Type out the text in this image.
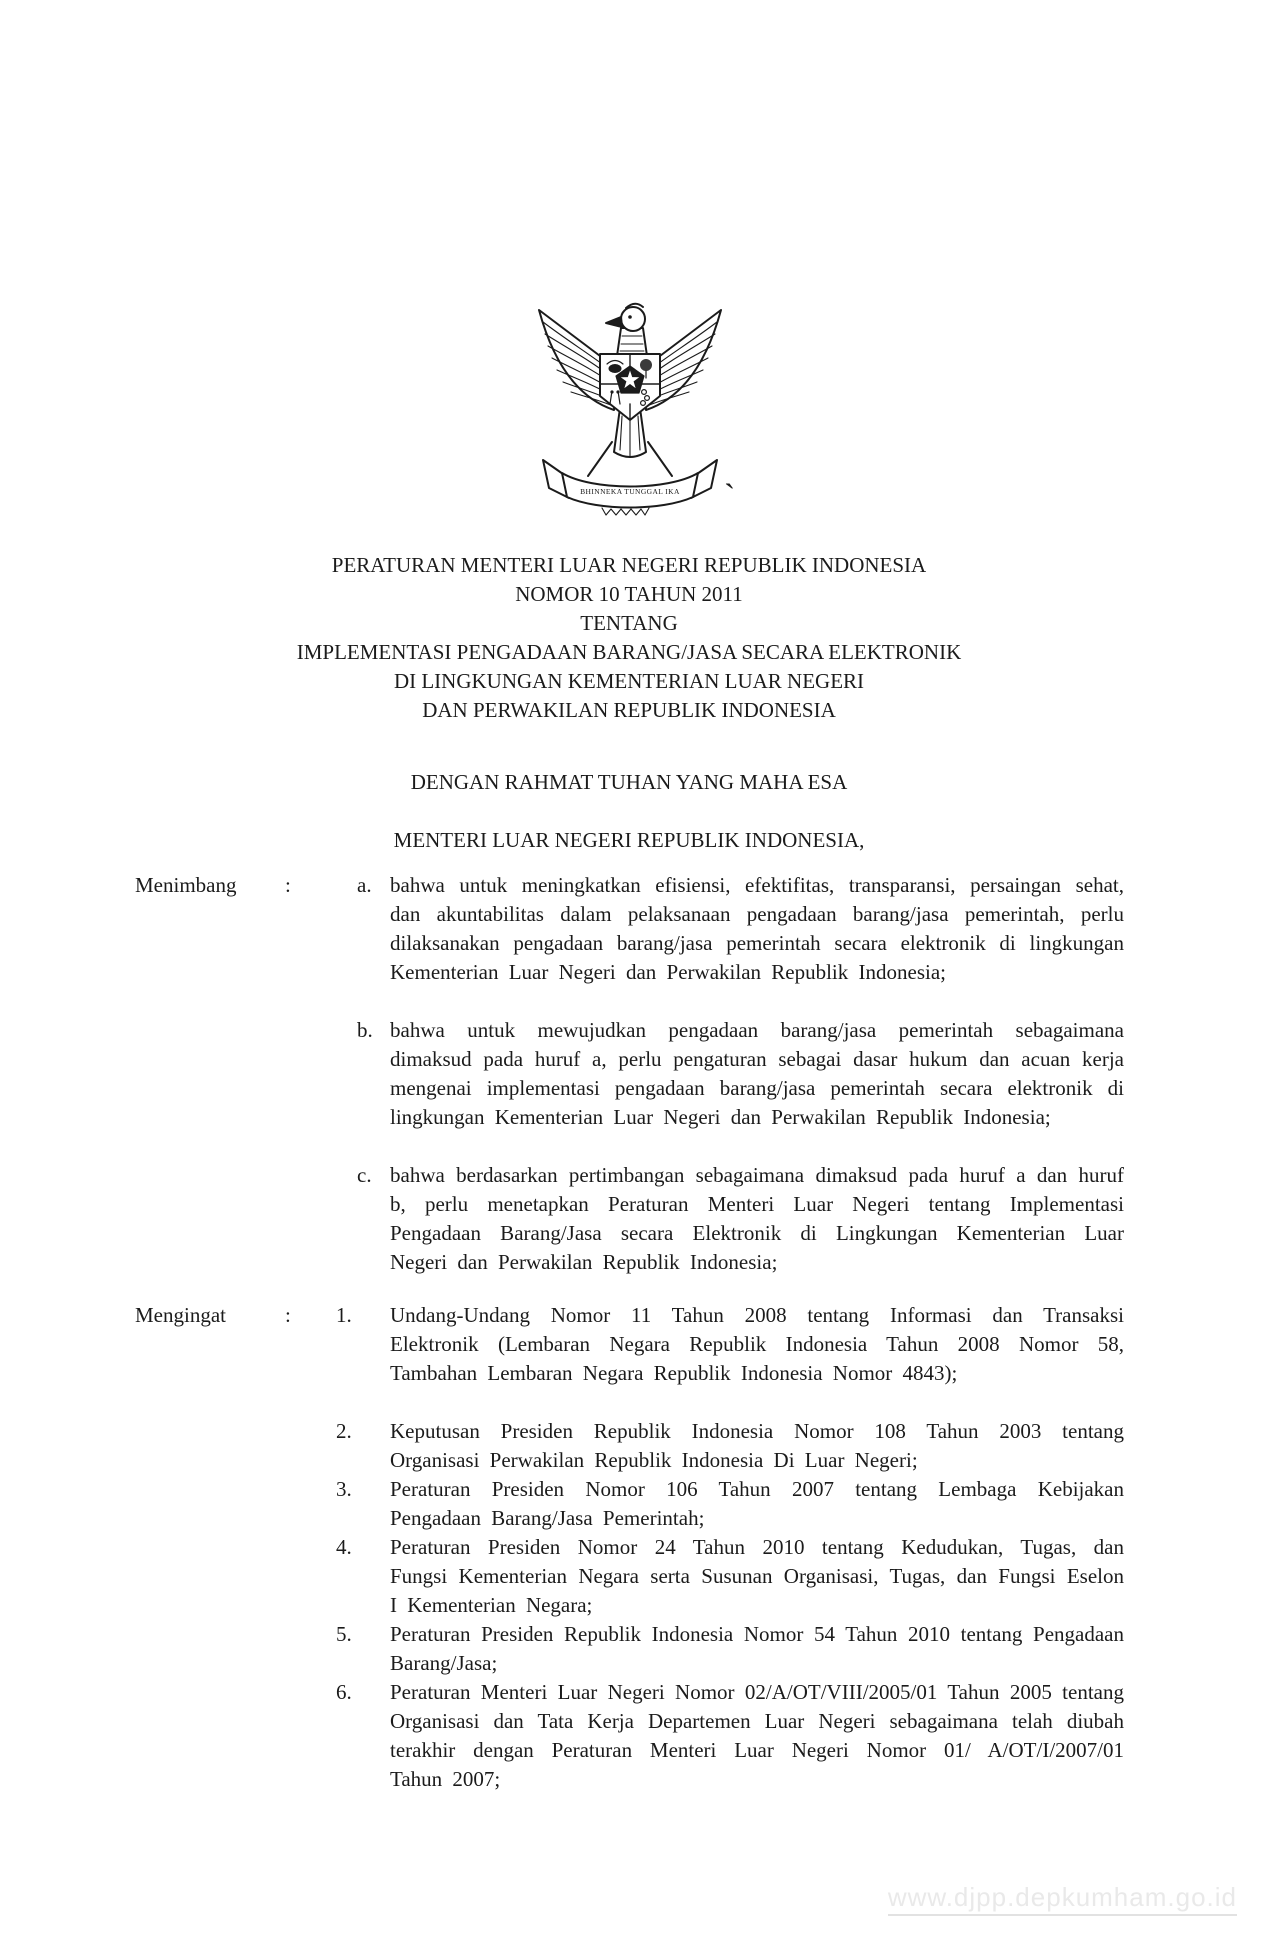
BHINNEKA TUNGGAL IKA `
PERATURAN MENTERI LUAR NEGERI REPUBLIK INDONESIA
NOMOR 10 TAHUN 2011
TENTANG
IMPLEMENTASI PENGADAAN BARANG/JASA SECARA ELEKTRONIK
DI LINGKUNGAN KEMENTERIAN LUAR NEGERI
DAN PERWAKILAN REPUBLIK INDONESIA
DENGAN RAHMAT TUHAN YANG MAHA ESA
MENTERI LUAR NEGERI REPUBLIK INDONESIA,
Menimbang :	a. bahwa untuk meningkatkan efisiensi, efektifitas, transparansi, persaingan sehat, dan akuntabilitas dalam pelaksanaan pengadaan barang/jasa pemerintah, perlu dilaksanakan pengadaan barang/jasa pemerintah secara elektronik di lingkungan Kementerian Luar Negeri dan Perwakilan Republik Indonesia;
b. bahwa untuk mewujudkan pengadaan barang/jasa pemerintah sebagaimana dimaksud pada huruf a, perlu pengaturan sebagai dasar hukum dan acuan kerja mengenai implementasi pengadaan barang/jasa pemerintah secara elektronik di lingkungan Kementerian Luar Negeri dan Perwakilan Republik Indonesia;
c. bahwa berdasarkan pertimbangan sebagaimana dimaksud pada huruf a dan huruf b, perlu menetapkan Peraturan Menteri Luar Negeri tentang Implementasi Pengadaan Barang/Jasa secara Elektronik di Lingkungan Kementerian Luar Negeri dan Perwakilan Republik Indonesia;
Mengingat	: 1. Undang-Undang Nomor 11 Tahun 2008 tentang Informasi dan Transaksi Elektronik (Lembaran Negara Republik Indonesia Tahun 2008 Nomor 58, Tambahan Lembaran Negara Republik Indonesia Nomor 4843);
2. Keputusan Presiden Republik Indonesia Nomor 108 Tahun 2003 tentang Organisasi Perwakilan Republik Indonesia Di Luar Negeri;
3. Peraturan Presiden Nomor 106 Tahun 2007 tentang Lembaga Kebijakan Pengadaan Barang/Jasa Pemerintah;
4. Peraturan Presiden Nomor 24 Tahun 2010 tentang Kedudukan, Tugas, dan Fungsi Kementerian Negara serta Susunan Organisasi, Tugas, dan Fungsi Eselon I Kementerian Negara;
5. Peraturan Presiden Republik Indonesia Nomor 54 Tahun 2010 tentang Pengadaan Barang/Jasa;
6. Peraturan Menteri Luar Negeri Nomor 02/A/OT/VIII/2005/01 Tahun 2005 tentang Organisasi dan Tata Kerja Departemen Luar Negeri sebagaimana telah diubah terakhir dengan Peraturan Menteri Luar Negeri Nomor 01/ A/OT/I/2007/01 Tahun 2007;
www.djpp.depkumham.go.id
